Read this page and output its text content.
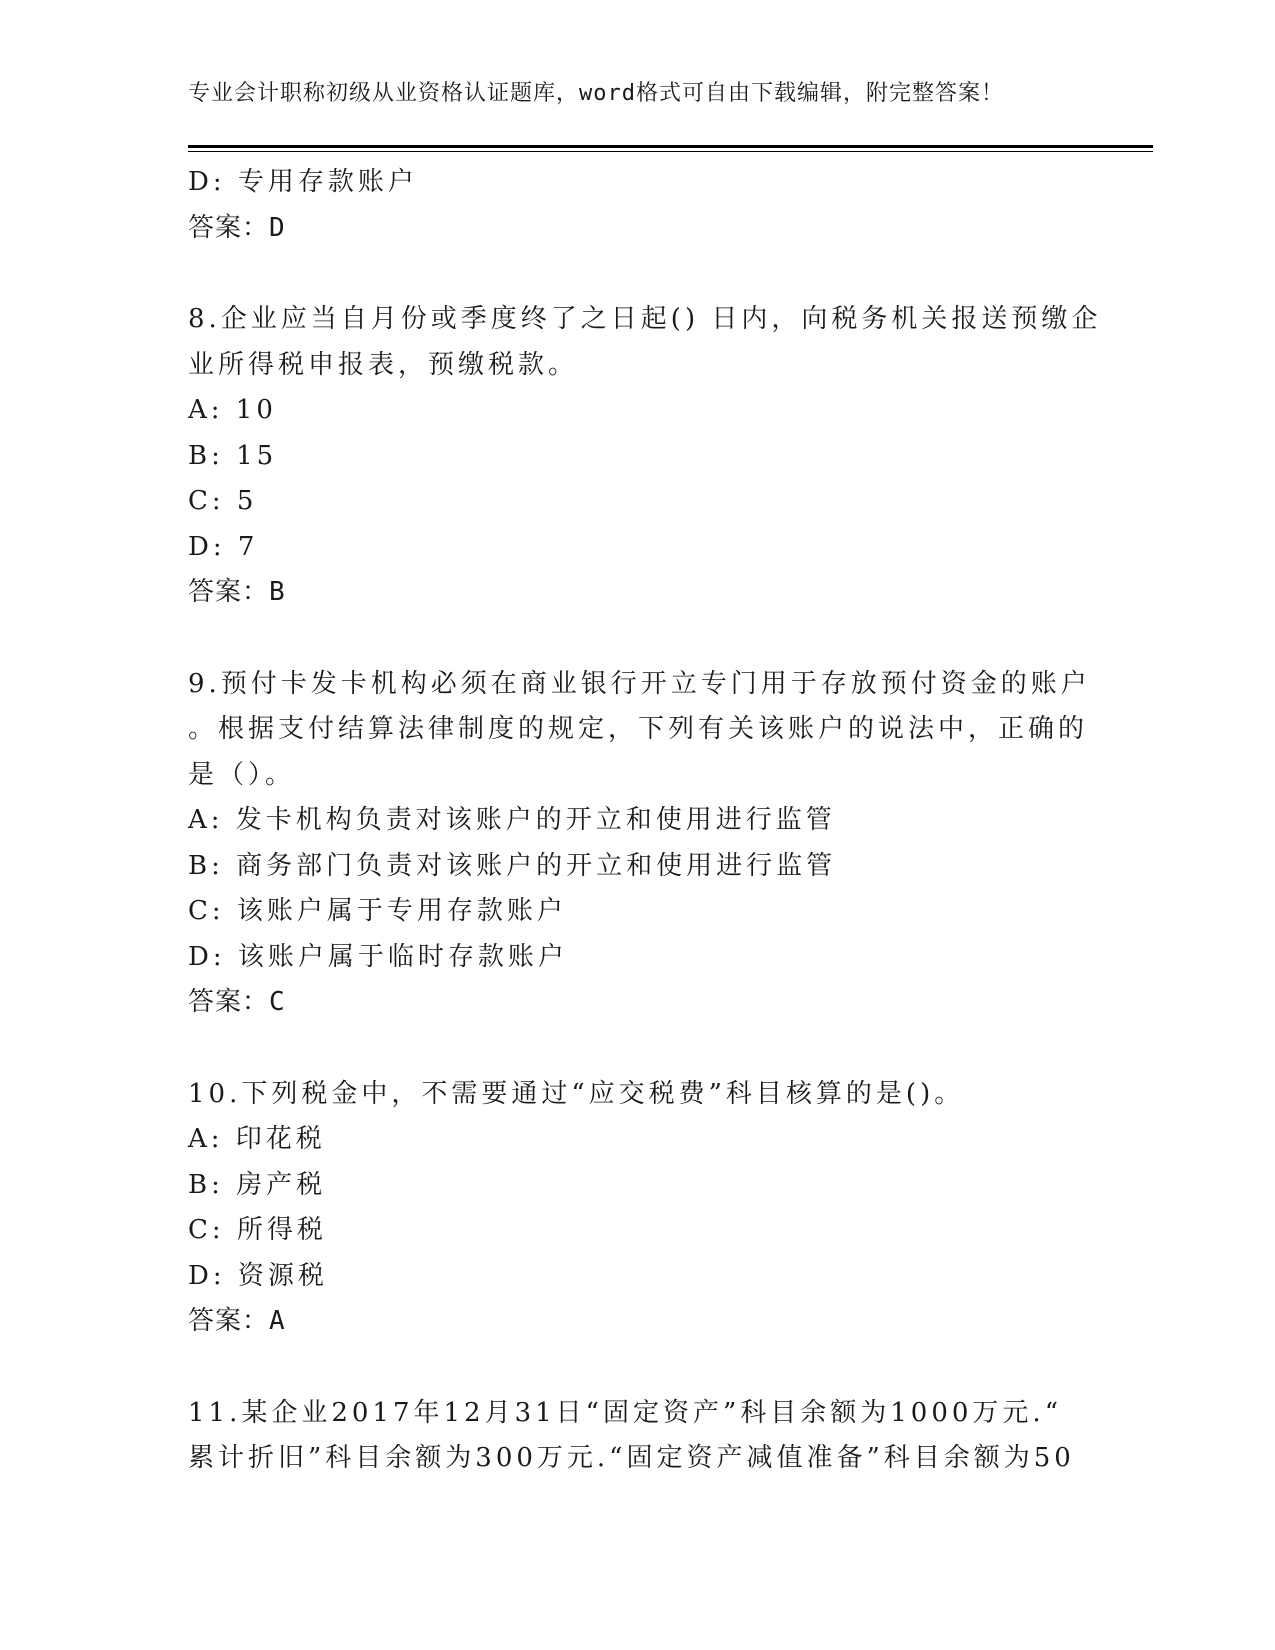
专业会计职称初级从业资格认证题库，word格式可自由下载编辑，附完整答案！
D: 专用存款账户
答案：D
8.企业应当自月份或季度终了之日起() 日内，向税务机关报送预缴企
业所得税申报表，预缴税款。
A: 10
B: 15
C: 5
D: 7
答案：B
9.预付卡发卡机构必须在商业银行开立专门用于存放预付资金的账户
。根据支付结算法律制度的规定，下列有关该账户的说法中，正确的
是（）。
A: 发卡机构负责对该账户的开立和使用进行监管
B: 商务部门负责对该账户的开立和使用进行监管
C: 该账户属于专用存款账户
D: 该账户属于临时存款账户
答案：C
10.下列税金中，不需要通过“应交税费”科目核算的是()。
A: 印花税
B: 房产税
C: 所得税
D: 资源税
答案：A
11.某企业2017年12月31日“固定资产”科目余额为1000万元.“
累计折旧”科目余额为300万元.“固定资产减值准备”科目余额为50
